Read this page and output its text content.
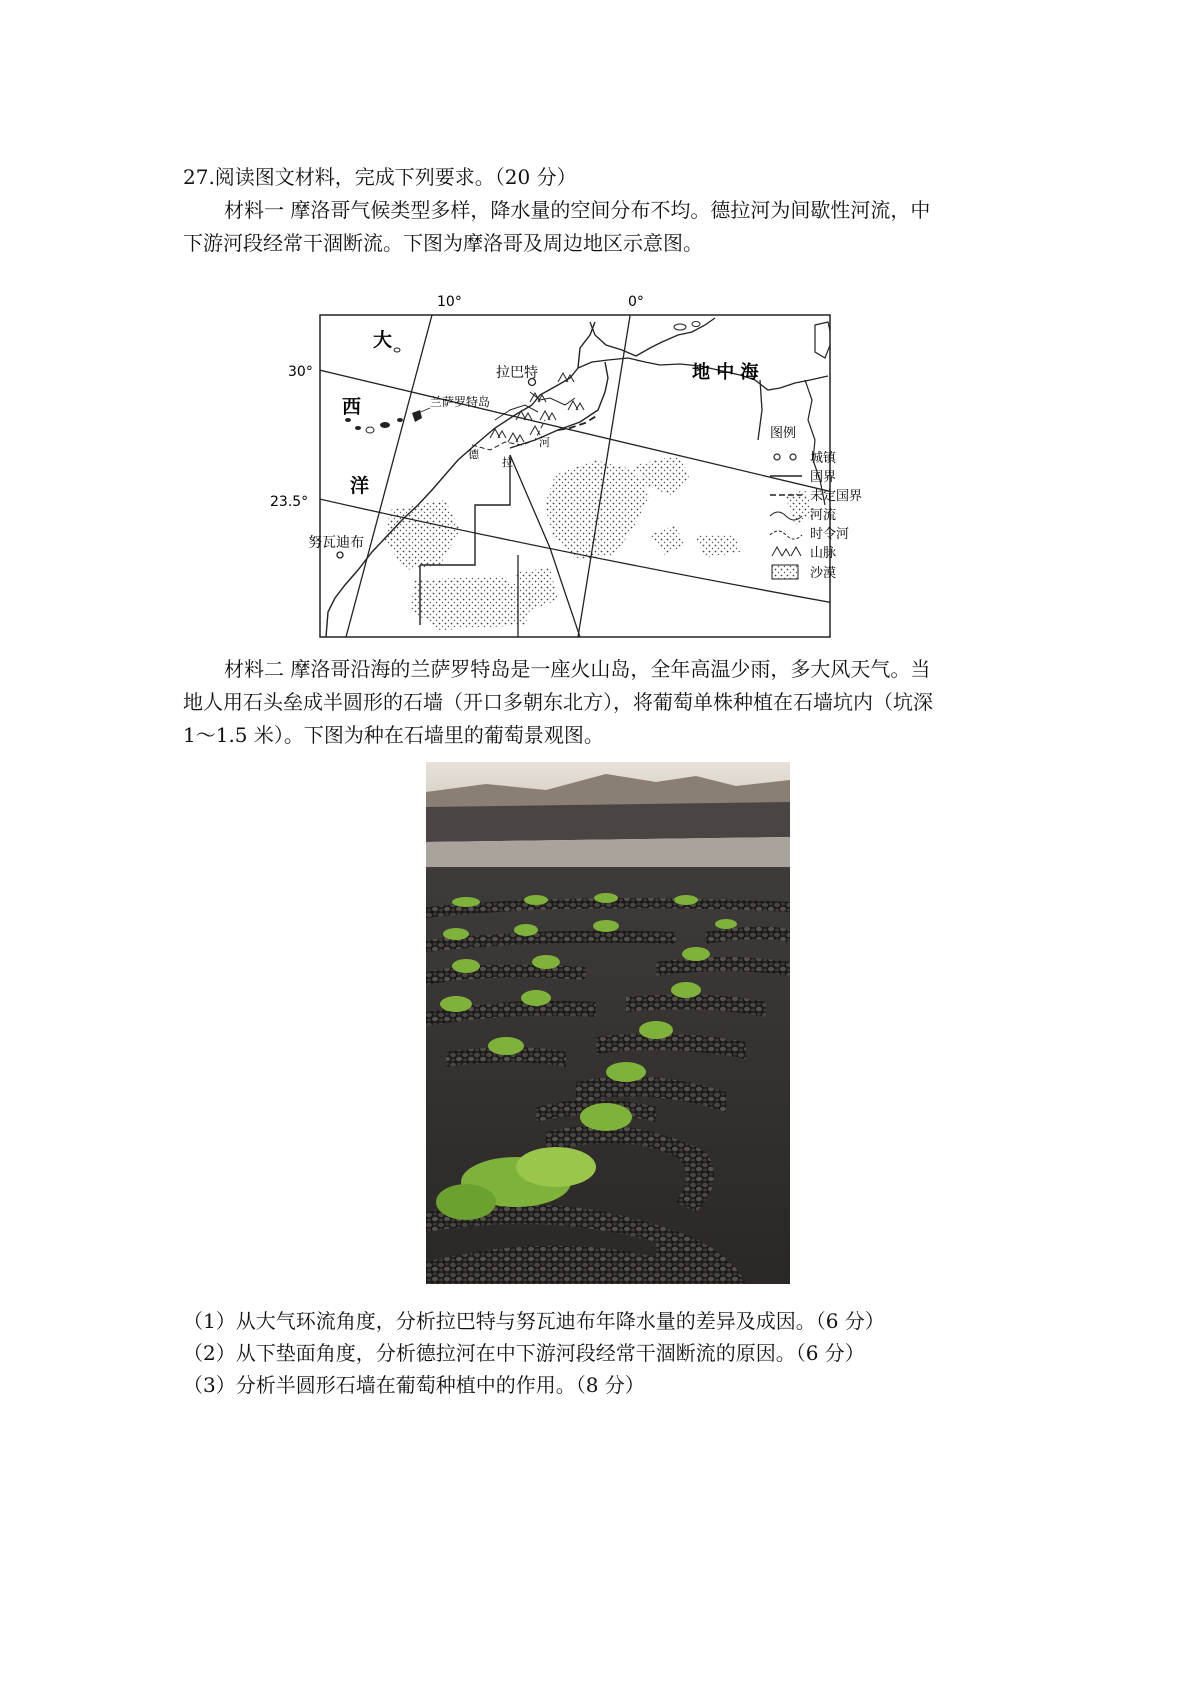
27.阅读图文材料，完成下列要求。（20 分）
材料一 摩洛哥气候类型多样，降水量的空间分布不均。德拉河为间歇性河流，中
下游河段经常干涸断流。下图为摩洛哥及周边地区示意图。
10°	0°
30°
23.5°
大
西
洋
地 中 海
拉巴特
兰萨罗特岛
努瓦迪布
德
拉
河
图例
城镇
国界
未定国界
河流
时令河
山脉
沙漠
材料二 摩洛哥沿海的兰萨罗特岛是一座火山岛，全年高温少雨，多大风天气。当
地人用石头垒成半圆形的石墙（开口多朝东北方），将葡萄单株种植在石墙坑内（坑深
1～1.5 米）。下图为种在石墙里的葡萄景观图。
（1）从大气环流角度，分析拉巴特与努瓦迪布年降水量的差异及成因。（6 分）
（2）从下垫面角度，分析德拉河在中下游河段经常干涸断流的原因。（6 分）
（3）分析半圆形石墙在葡萄种植中的作用。（8 分）
